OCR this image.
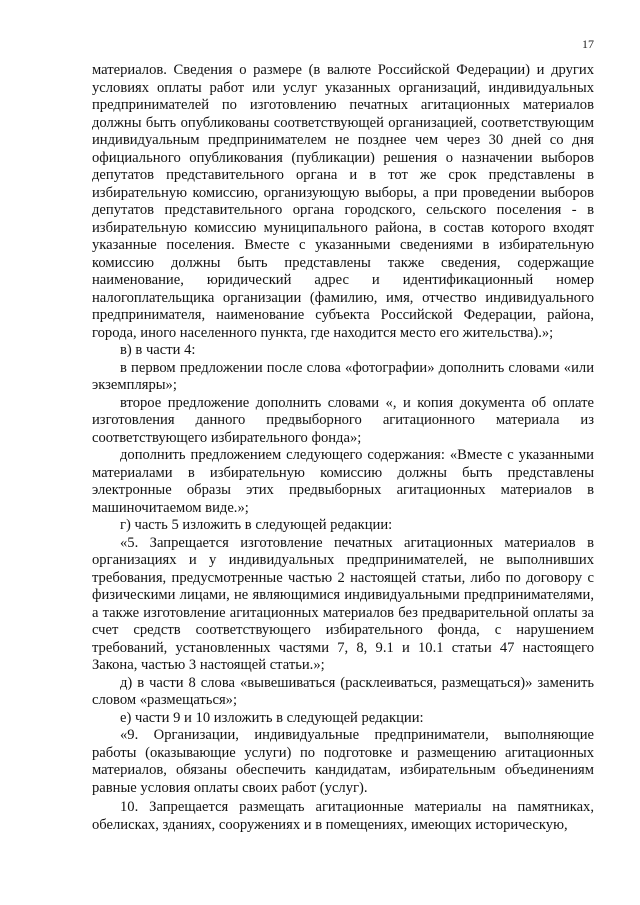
17

материалов. Сведения о размере (в валюте Российской Федерации) и других условиях оплаты работ или услуг указанных организаций, индивидуальных предпринимателей по изготовлению печатных агитационных материалов должны быть опубликованы соответствующей организацией, соответствующим индивидуальным предпринимателем не позднее чем через 30 дней со дня официального опубликования (публикации) решения о назначении выборов депутатов представительного органа и в тот же срок представлены в избирательную комиссию, организующую выборы, а при проведении выборов депутатов представительного органа городского, сельского поселения - в избирательную комиссию муниципального района, в состав которого входят указанные поселения. Вместе с указанными сведениями в избирательную комиссию должны быть представлены также сведения, содержащие наименование, юридический адрес и идентификационный номер налогоплательщика организации (фамилию, имя, отчество индивидуального предпринимателя, наименование субъекта Российской Федерации, района, города, иного населенного пункта, где находится место его жительства).»;

в) в части 4:

в первом предложении после слова «фотографии» дополнить словами «или экземпляры»;

второе предложение дополнить словами «, и копия документа об оплате изготовления данного предвыборного агитационного материала из соответствующего избирательного фонда»;

дополнить предложением следующего содержания: «Вместе с указанными материалами в избирательную комиссию должны быть представлены электронные образы этих предвыборных агитационных материалов в машиночитаемом виде.»;

г) часть 5 изложить в следующей редакции:

«5. Запрещается изготовление печатных агитационных материалов в организациях и у индивидуальных предпринимателей, не выполнивших требования, предусмотренные частью 2 настоящей статьи, либо по договору с физическими лицами, не являющимися индивидуальными предпринимателями, а также изготовление агитационных материалов без предварительной оплаты за счет средств соответствующего избирательного фонда, с нарушением требований, установленных частями 7, 8, 9.1 и 10.1 статьи 47 настоящего Закона, частью 3 настоящей статьи.»;

д) в части 8 слова «вывешиваться (расклеиваться, размещаться)» заменить словом «размещаться»;

е) части 9 и 10 изложить в следующей редакции:

«9. Организации, индивидуальные предприниматели, выполняющие работы (оказывающие услуги) по подготовке и размещению агитационных материалов, обязаны обеспечить кандидатам, избирательным объединениям равные условия оплаты своих работ (услуг).

10. Запрещается размещать агитационные материалы на памятниках, обелисках, зданиях, сооружениях и в помещениях, имеющих историческую,
